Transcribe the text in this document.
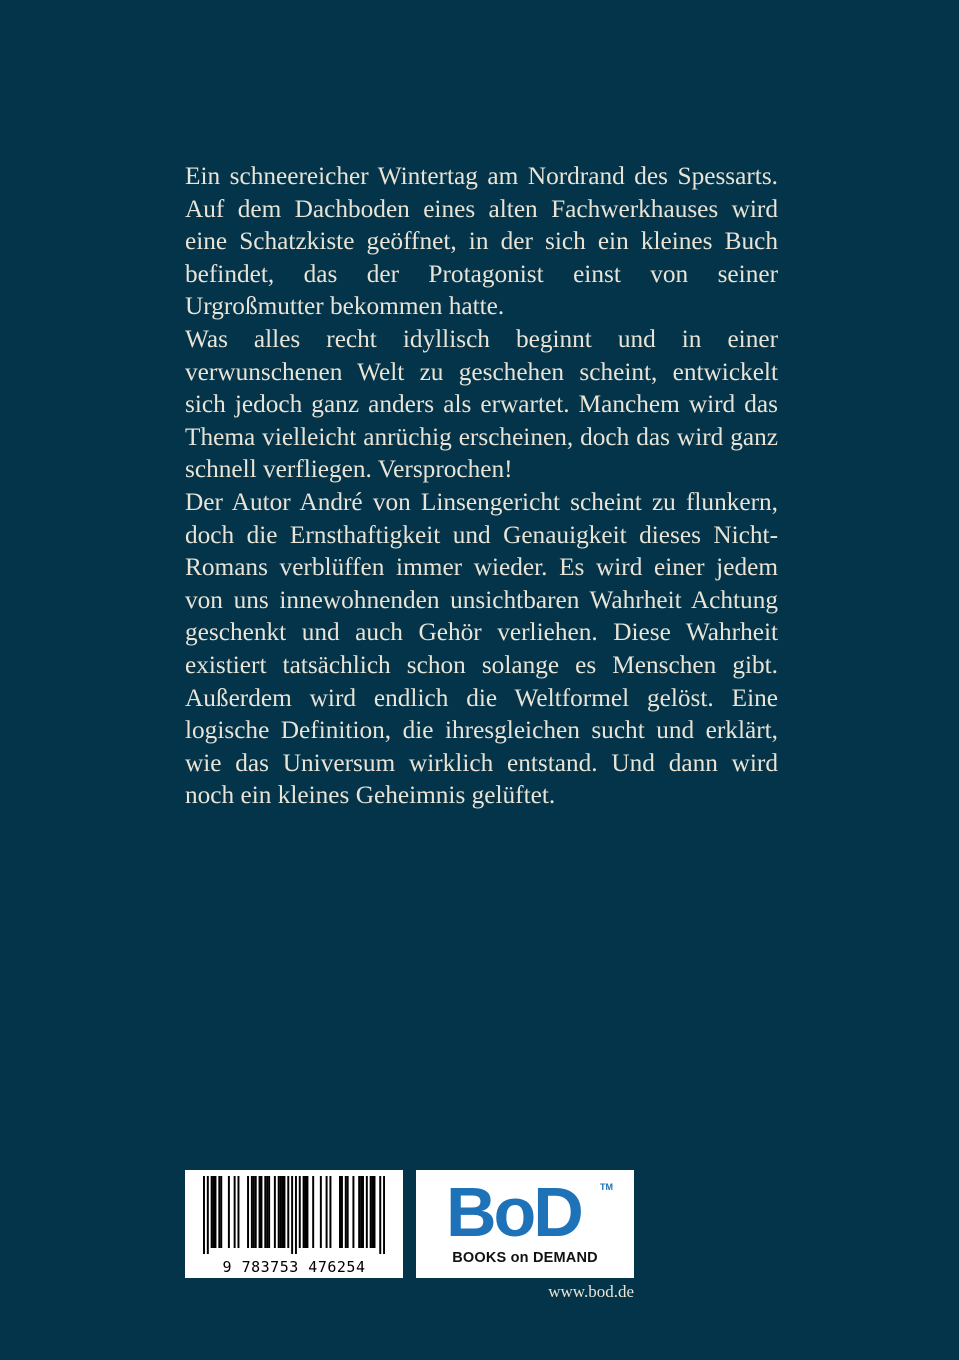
Ein schneereicher Wintertag am Nordrand des Spessarts. Auf dem Dachboden eines alten Fachwerkhauses wird eine Schatzkiste geöffnet, in der sich ein kleines Buch befindet, das der Protagonist einst von seiner Urgroßmutter bekommen hatte.

Was alles recht idyllisch beginnt und in einer verwunschenen Welt zu geschehen scheint, entwickelt sich jedoch ganz anders als erwartet. Manchem wird das Thema vielleicht anrüchig erscheinen, doch das wird ganz schnell verfliegen. Versprochen!

Der Autor André von Linsengericht scheint zu flunkern, doch die Ernsthaftigkeit und Genauigkeit dieses Nicht-Romans verblüffen immer wieder. Es wird einer jedem von uns innewohnenden unsichtbaren Wahrheit Achtung geschenkt und auch Gehör verliehen. Diese Wahrheit existiert tatsächlich schon solange es Menschen gibt. Außerdem wird endlich die Weltformel gelöst. Eine logische Definition, die ihresgleichen sucht und erklärt, wie das Universum wirklich entstand. Und dann wird noch ein kleines Geheimnis gelüftet.

9 783753 476254
BoD TM
BOOKS on DEMAND
www.bod.de
